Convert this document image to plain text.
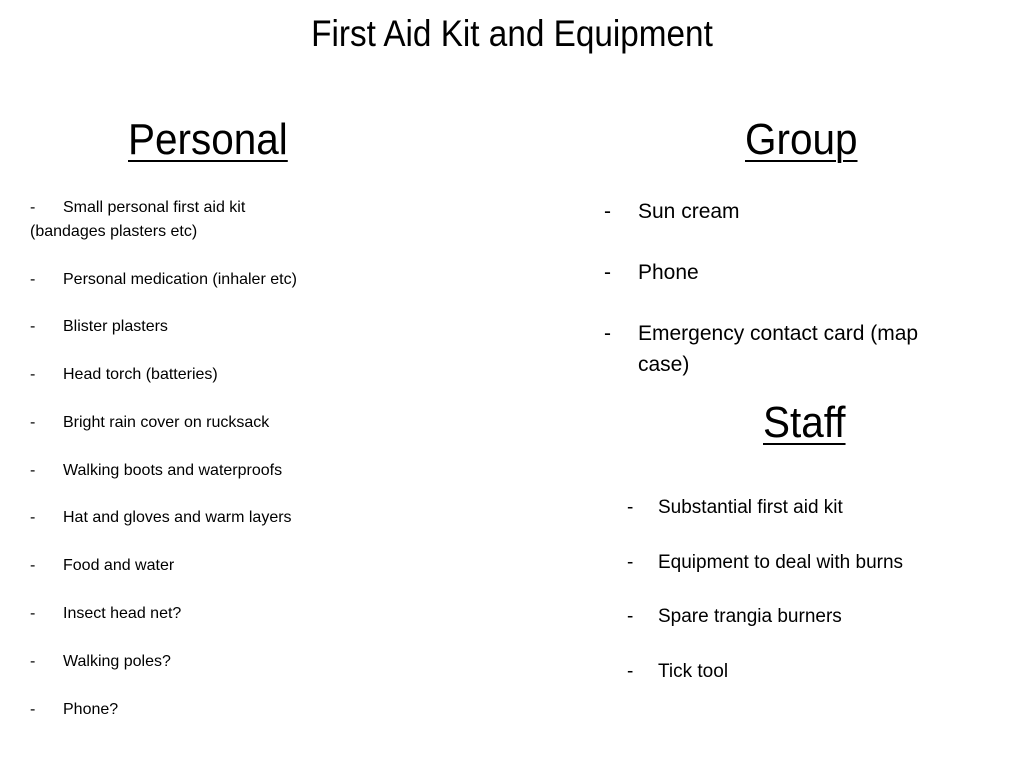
First Aid Kit and Equipment
Personal	Group
Staff
-	Small personal first aid kit
(bandages plasters etc)
-	Personal medication (inhaler etc)
-	Blister plasters
-	Head torch (batteries)
-	Bright rain cover on rucksack
-	Walking boots and waterproofs
-	Hat and gloves and warm layers
-	Food and water
-	Insect head net?
-	Walking poles?
-	Phone?
-	Sun cream
-	Phone
-	Emergency contact card (map case)
-	Substantial first aid kit
-	Equipment to deal with burns
-	Spare trangia burners
-	Tick tool
